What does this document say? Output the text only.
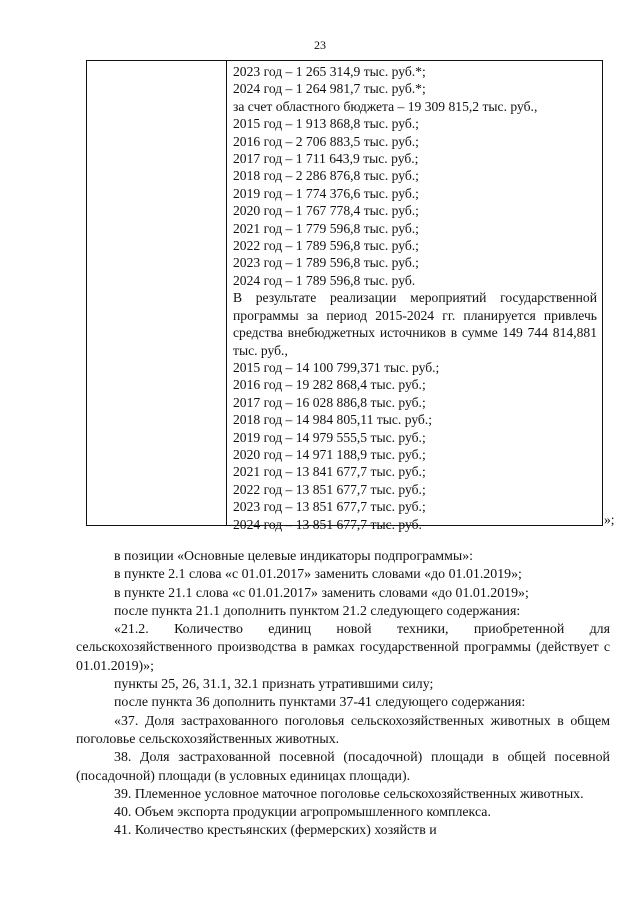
23
2023 год – 1 265 314,9 тыс. руб.*;
2024 год – 1 264 981,7 тыс. руб.*;
за счет областного бюджета – 19 309 815,2 тыс. руб.,
2015 год – 1 913 868,8 тыс. руб.;
2016 год – 2 706 883,5 тыс. руб.;
2017 год – 1 711 643,9 тыс. руб.;
2018 год – 2 286 876,8 тыс. руб.;
2019 год – 1 774 376,6 тыс. руб.;
2020 год – 1 767 778,4 тыс. руб.;
2021 год – 1 779 596,8 тыс. руб.;
2022 год – 1 789 596,8 тыс. руб.;
2023 год – 1 789 596,8 тыс. руб.;
2024 год – 1 789 596,8 тыс. руб.
В результате реализации мероприятий государственной программы за период 2015-2024 гг. планируется привлечь средства внебюджетных источников в сумме 149 744 814,881 тыс. руб.,
2015 год – 14 100 799,371 тыс. руб.;
2016 год – 19 282 868,4 тыс. руб.;
2017 год – 16 028 886,8 тыс. руб.;
2018 год – 14 984 805,11 тыс. руб.;
2019 год – 14 979 555,5 тыс. руб.;
2020 год – 14 971 188,9 тыс. руб.;
2021 год – 13 841 677,7 тыс. руб.;
2022 год – 13 851 677,7 тыс. руб.;
2023 год – 13 851 677,7 тыс. руб.;
2024 год – 13 851 677,7 тыс. руб.	»;

в позиции «Основные целевые индикаторы подпрограммы»:

в пункте 2.1 слова «с 01.01.2017» заменить словами «до 01.01.2019»;

в пункте 21.1 слова «с 01.01.2017» заменить словами «до 01.01.2019»;

после пункта 21.1 дополнить пунктом 21.2 следующего содержания:

«21.2. Количество единиц новой техники, приобретенной для сельскохозяйственного производства в рамках государственной программы (действует с 01.01.2019)»;

пункты 25, 26, 31.1, 32.1 признать утратившими силу;

после пункта 36 дополнить пунктами 37-41 следующего содержания:

«37. Доля застрахованного поголовья сельскохозяйственных животных в общем поголовье сельскохозяйственных животных.

38. Доля застрахованной посевной (посадочной) площади в общей посевной (посадочной) площади (в условных единицах площади).

39. Племенное условное маточное поголовье сельскохозяйственных животных.

40. Объем экспорта продукции агропромышленного комплекса.

41. Количество крестьянских (фермерских) хозяйств и
